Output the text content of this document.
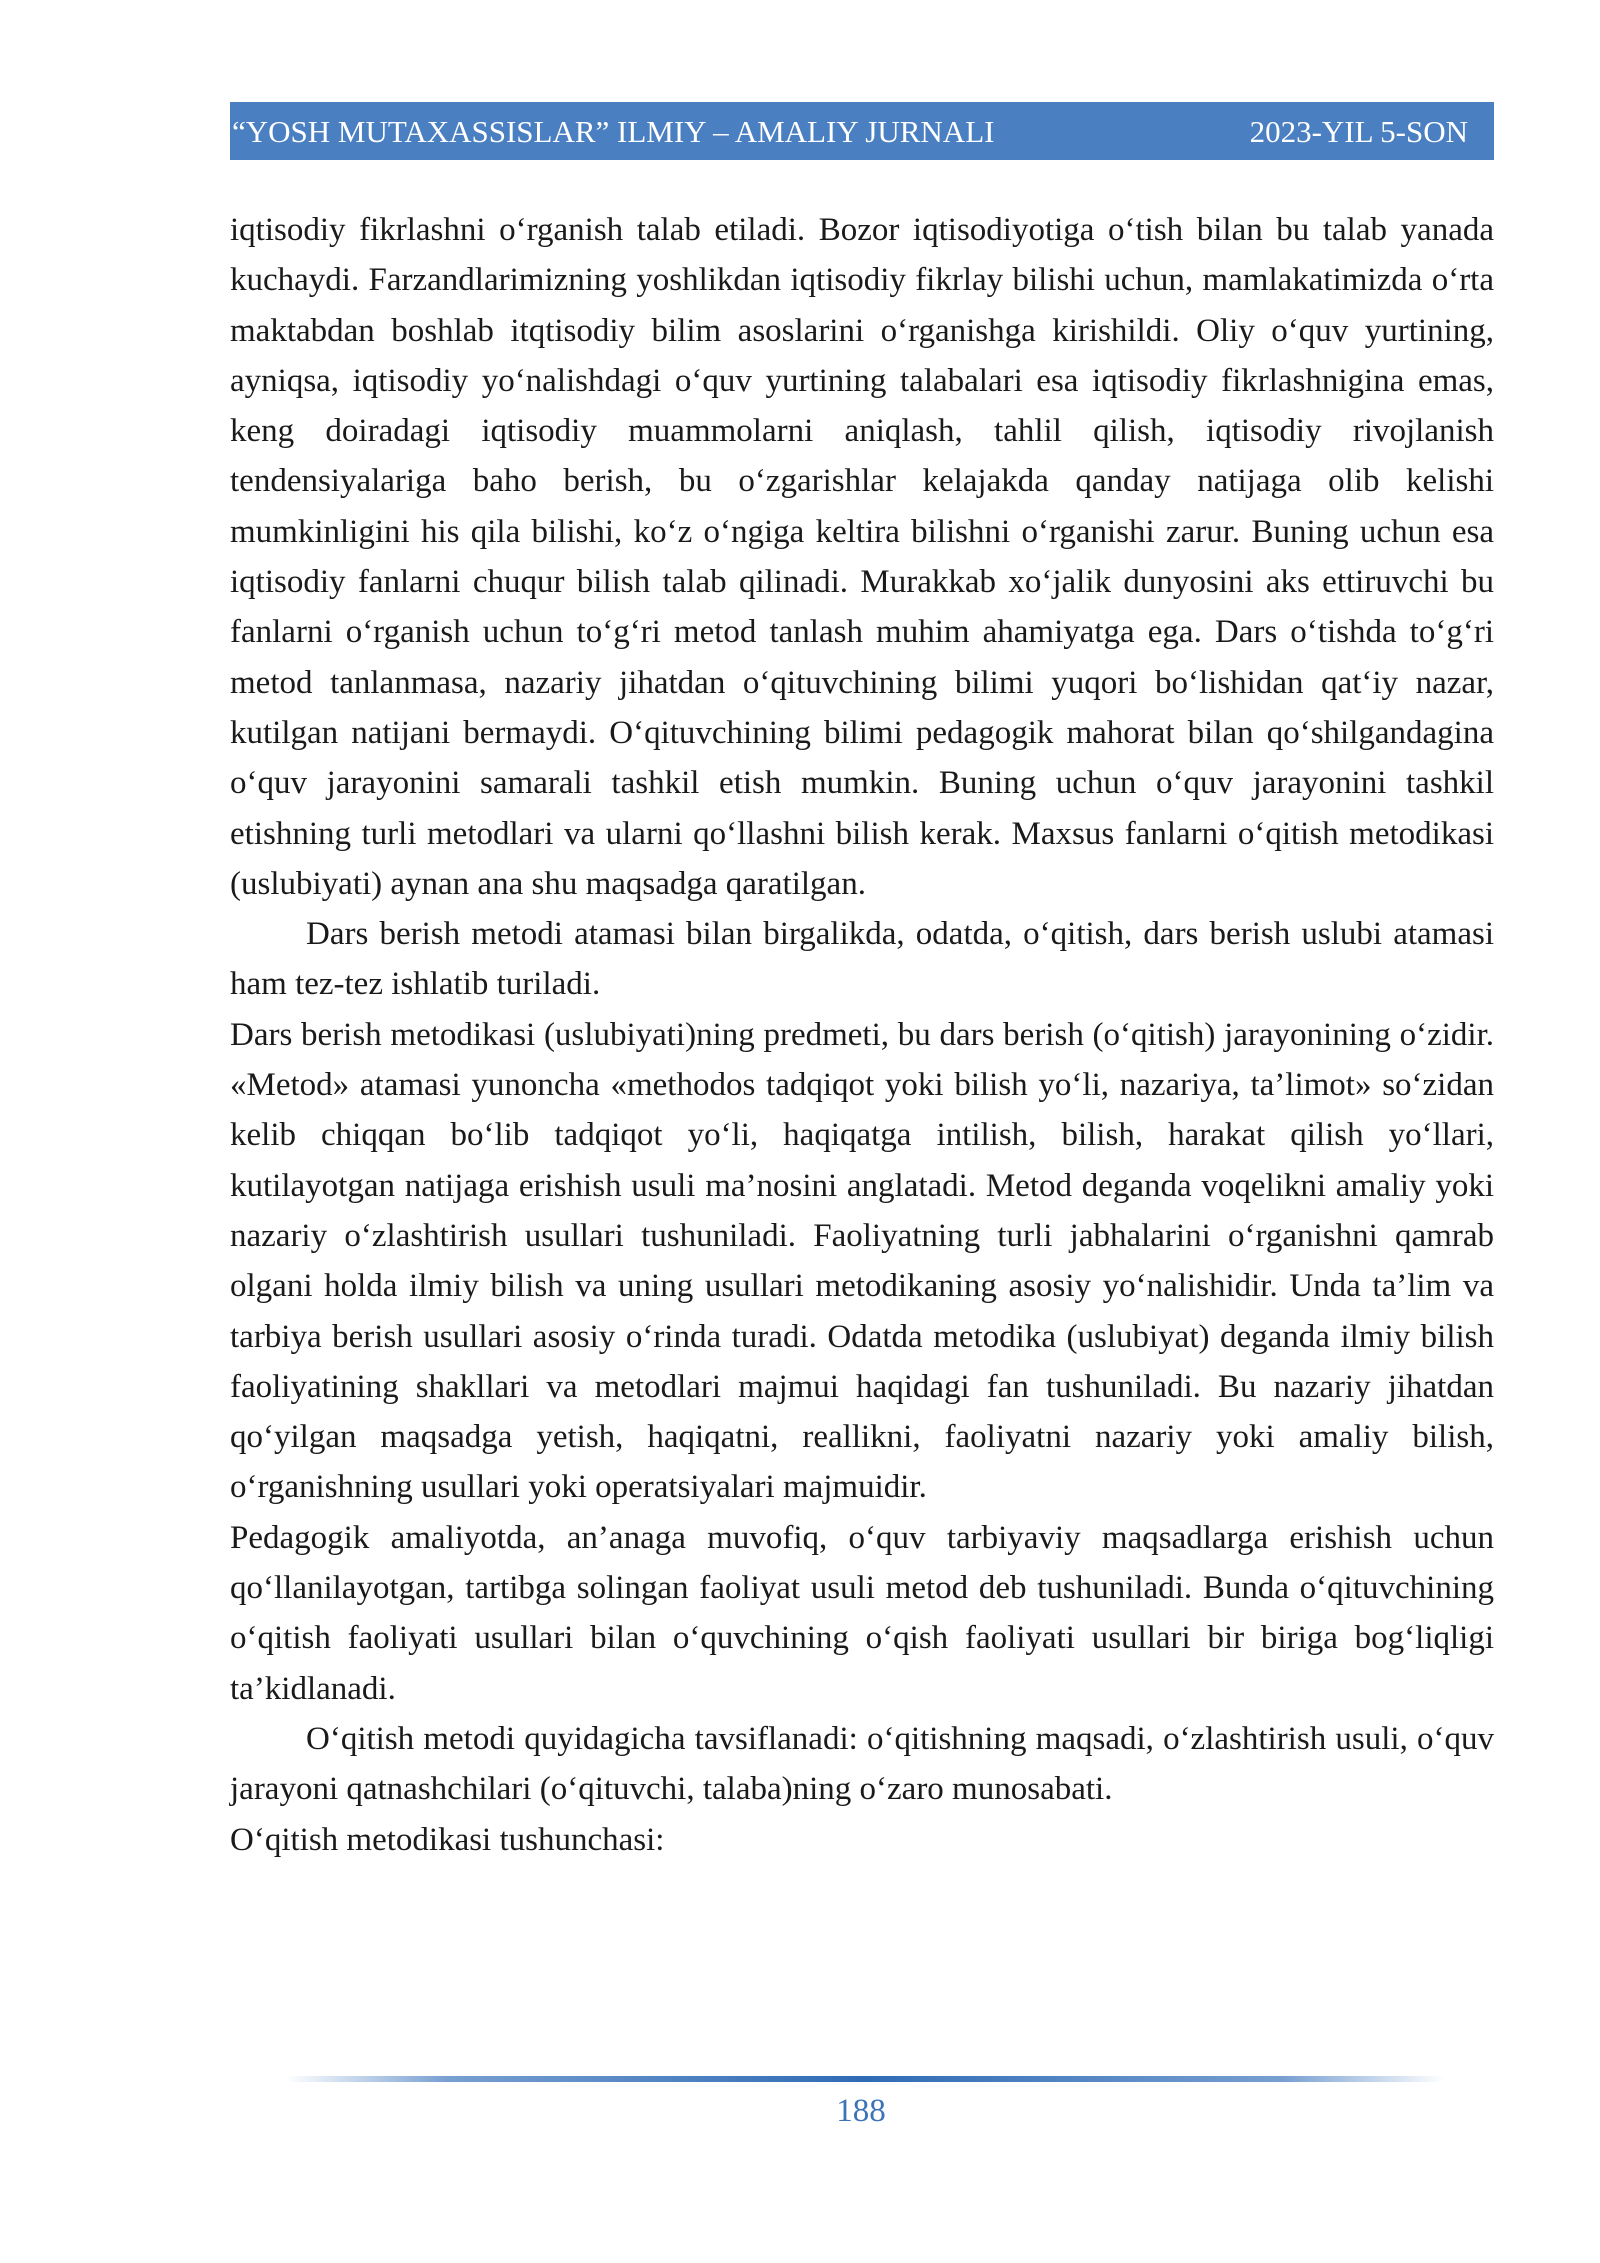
“YOSH MUTAXASSISLAR” ILMIY – AMALIY JURNALI	2023-YIL 5-SON

iqtisodiy fikrlashni o‘rganish talab etiladi. Bozor iqtisodiyotiga o‘tish bilan bu talab yanada kuchaydi. Farzandlarimizning yoshlikdan iqtisodiy fikrlay bilishi uchun, mamlakatimizda o‘rta maktabdan boshlab itqtisodiy bilim asoslarini o‘rganishga kirishildi. Oliy o‘quv yurtining, ayniqsa, iqtisodiy yo‘nalishdagi o‘quv yurtining talabalari esa iqtisodiy fikrlashnigina emas, keng doiradagi iqtisodiy muammolarni aniqlash, tahlil qilish, iqtisodiy rivojlanish tendensiyalariga baho berish, bu o‘zgarishlar kelajakda qanday natijaga olib kelishi mumkinligini his qila bilishi, ko‘z o‘ngiga keltira bilishni o‘rganishi zarur. Buning uchun esa iqtisodiy fanlarni chuqur bilish talab qilinadi. Murakkab xo‘jalik dunyosini aks ettiruvchi bu fanlarni o‘rganish uchun to‘g‘ri metod tanlash muhim ahamiyatga ega. Dars o‘tishda to‘g‘ri metod tanlanmasa, nazariy jihatdan o‘qituvchining bilimi yuqori bo‘lishidan qat‘iy nazar, kutilgan natijani bermaydi. O‘qituvchining bilimi pedagogik mahorat bilan qo‘shilgandagina o‘quv jarayonini samarali tashkil etish mumkin. Buning uchun o‘quv jarayonini tashkil etishning turli metodlari va ularni qo‘llashni bilish kerak. Maxsus fanlarni o‘qitish metodikasi (uslubiyati) aynan ana shu maqsadga qaratilgan.

Dars berish metodi atamasi bilan birgalikda, odatda, o‘qitish, dars berish uslubi atamasi ham tez-tez ishlatib turiladi.

Dars berish metodikasi (uslubiyati)ning predmeti, bu dars berish (o‘qitish) jarayonining o‘zidir. «Metod» atamasi yunoncha «methodos tadqiqot yoki bilish yo‘li, nazariya, ta’limot» so‘zidan kelib chiqqan bo‘lib tadqiqot yo‘li, haqiqatga intilish, bilish, harakat qilish yo‘llari, kutilayotgan natijaga erishish usuli ma’nosini anglatadi. Metod deganda voqelikni amaliy yoki nazariy o‘zlashtirish usullari tushuniladi. Faoliyatning turli jabhalarini o‘rganishni qamrab olgani holda ilmiy bilish va uning usullari metodikaning asosiy yo‘nalishidir. Unda ta’lim va tarbiya berish usullari asosiy o‘rinda turadi. Odatda metodika (uslubiyat) deganda ilmiy bilish faoliyatining shakllari va metodlari majmui haqidagi fan tushuniladi. Bu nazariy jihatdan qo‘yilgan maqsadga yetish, haqiqatni, reallikni, faoliyatni nazariy yoki amaliy bilish, o‘rganishning usullari yoki operatsiyalari majmuidir.

Pedagogik amaliyotda, an’anaga muvofiq, o‘quv tarbiyaviy maqsadlarga erishish uchun qo‘llanilayotgan, tartibga solingan faoliyat usuli metod deb tushuniladi. Bunda o‘qituvchining o‘qitish faoliyati usullari bilan o‘quvchining o‘qish faoliyati usullari bir biriga bog‘liqligi ta’kidlanadi.

O‘qitish metodi quyidagicha tavsiflanadi: o‘qitishning maqsadi, o‘zlashtirish usuli, o‘quv jarayoni qatnashchilari (o‘qituvchi, talaba)ning o‘zaro munosabati.

O‘qitish metodikasi tushunchasi:

188
